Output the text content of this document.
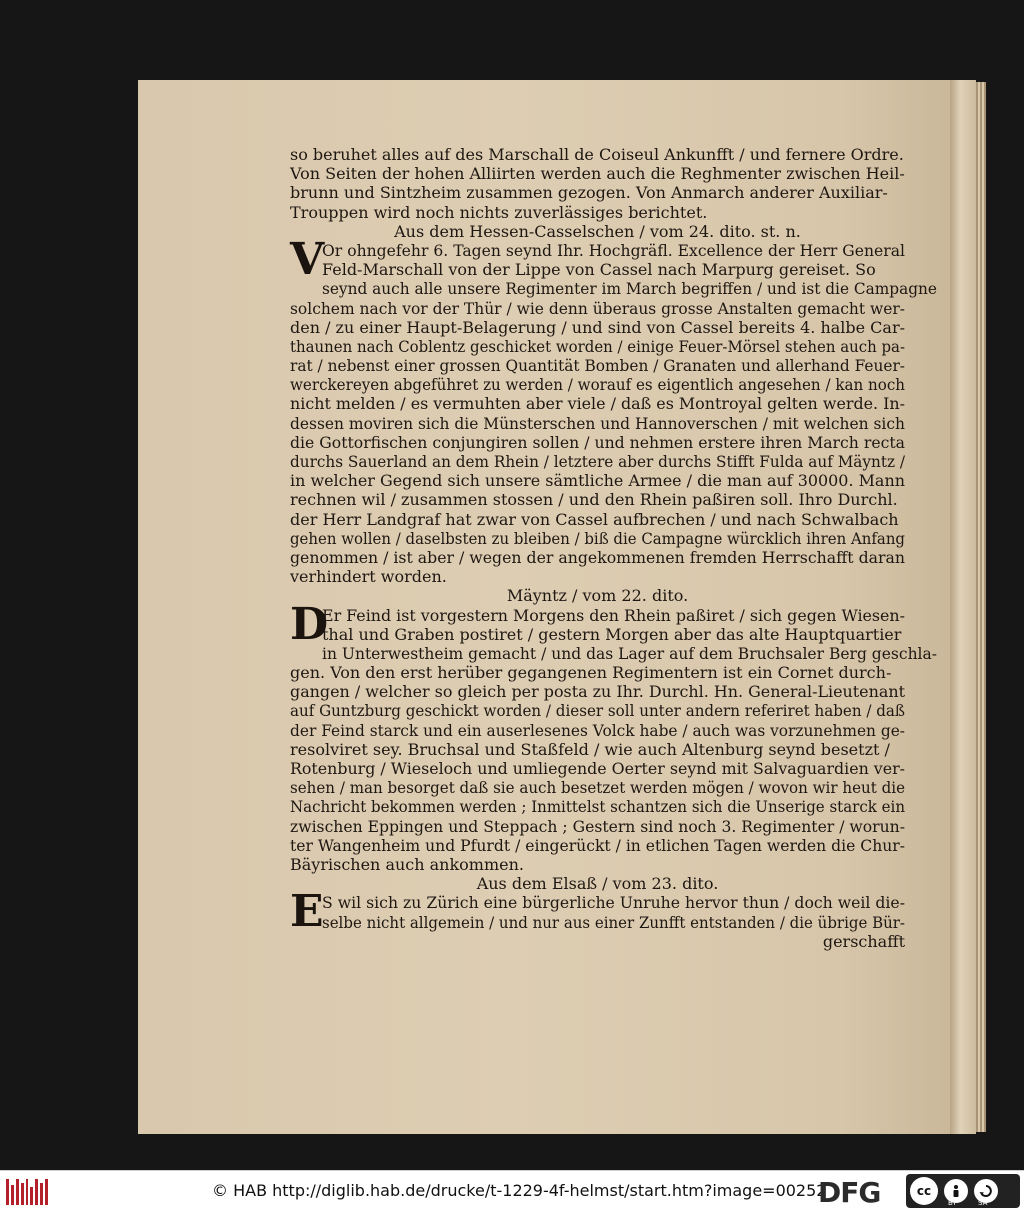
so beruhet alles auf des Marschall de Coiseul Ankunfft / und fernere Ordre.
Von Seiten der hohen Alliirten werden auch die Reghmenter zwischen Heil-
brunn und Sintzheim zusammen gezogen. Von Anmarch anderer Auxiliar-
Trouppen wird noch nichts zuverlässiges berichtet.
Aus dem Hessen-Casselschen / vom 24. dito. st. n.
V
Or ohngefehr 6. Tagen seynd Ihr. Hochgräfl. Excellence der Herr General
Feld-Marschall von der Lippe von Cassel nach Marpurg gereiset. So
seynd auch alle unsere Regimenter im March begriffen / und ist die Campagne
solchem nach vor der Thür / wie denn überaus grosse Anstalten gemacht wer-
den / zu einer Haupt-Belagerung / und sind von Cassel bereits 4. halbe Car-
thaunen nach Coblentz geschicket worden / einige Feuer-Mörsel stehen auch pa-
rat / nebenst einer grossen Quantität Bomben / Granaten und allerhand Feuer-
werckereyen abgeführet zu werden / worauf es eigentlich angesehen / kan noch
nicht melden / es vermuhten aber viele / daß es Montroyal gelten werde. In-
dessen moviren sich die Münsterschen und Hannoverschen / mit welchen sich
die Gottorfischen conjungiren sollen / und nehmen erstere ihren March recta
durchs Sauerland an dem Rhein / letztere aber durchs Stifft Fulda auf Mäyntz /
in welcher Gegend sich unsere sämtliche Armee / die man auf 30000. Mann
rechnen wil / zusammen stossen / und den Rhein paßiren soll. Ihro Durchl.
der Herr Landgraf hat zwar von Cassel aufbrechen / und nach Schwalbach
gehen wollen / daselbsten zu bleiben / biß die Campagne würcklich ihren Anfang
genommen / ist aber / wegen der angekommenen fremden Herrschafft daran
verhindert worden.
Mäyntz / vom 22. dito.
D
Er Feind ist vorgestern Morgens den Rhein paßiret / sich gegen Wiesen-
thal und Graben postiret / gestern Morgen aber das alte Hauptquartier
in Unterwestheim gemacht / und das Lager auf dem Bruchsaler Berg geschla-
gen. Von den erst herüber gegangenen Regimentern ist ein Cornet durch-
gangen / welcher so gleich per posta zu Ihr. Durchl. Hn. General-Lieutenant
auf Guntzburg geschickt worden / dieser soll unter andern referiret haben / daß
der Feind starck und ein auserlesenes Volck habe / auch was vorzunehmen ge-
resolviret sey. Bruchsal und Staßfeld / wie auch Altenburg seynd besetzt /
Rotenburg / Wieseloch und umliegende Oerter seynd mit Salvaguardien ver-
sehen / man besorget daß sie auch besetzet werden mögen / wovon wir heut die
Nachricht bekommen werden ; Inmittelst schantzen sich die Unserige starck ein
zwischen Eppingen und Steppach ; Gestern sind noch 3. Regimenter / worun-
ter Wangenheim und Pfurdt / eingerückt / in etlichen Tagen werden die Chur-
Bäyrischen auch ankommen.
Aus dem Elsaß / vom 23. dito.
E
S wil sich zu Zürich eine bürgerliche Unruhe hervor thun / doch weil die-
selbe nicht allgemein / und nur aus einer Zunfft entstanden / die übrige Bür-
gerschafft
© HAB http://diglib.hab.de/drucke/t-1229-4f-helmst/start.htm?image=00252
DFG	cc
BY	SA
